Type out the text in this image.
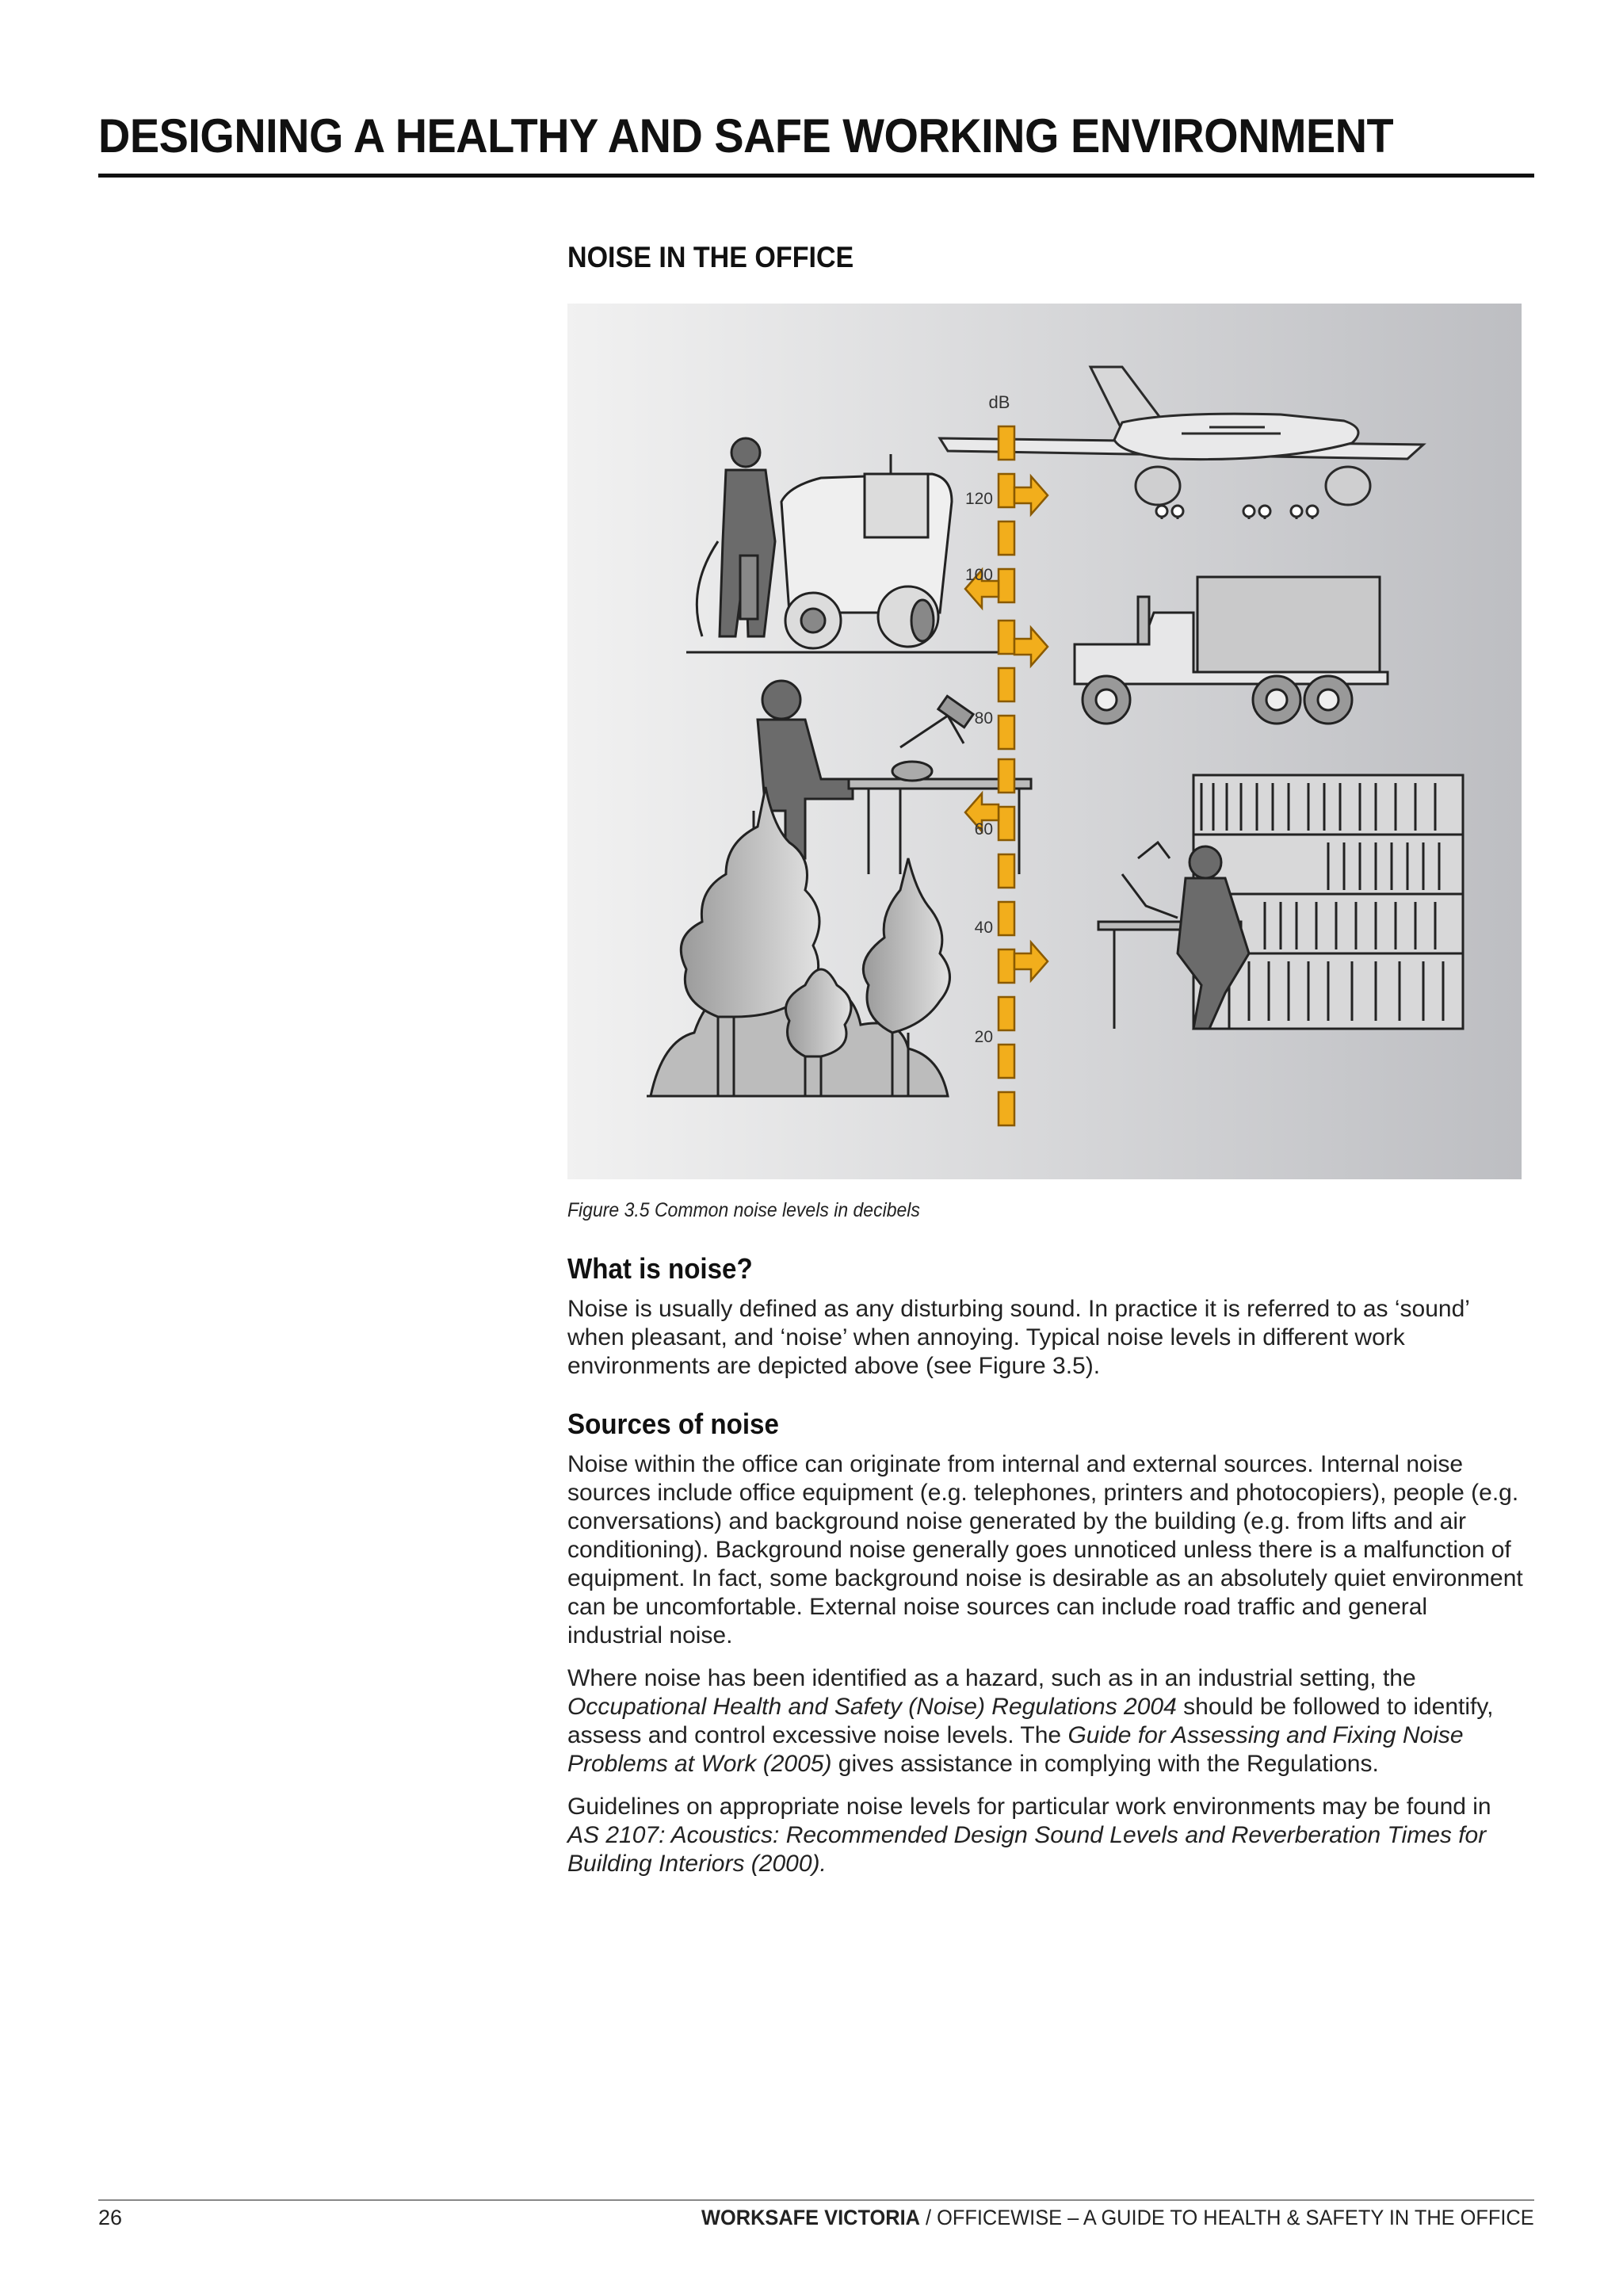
DESIGNING A HEALTHY AND SAFE WORKING ENVIRONMENT
NOISE IN THE OFFICE
dB
120
100
80
60
40
20
Figure 3.5 Common noise levels in decibels
What is noise?

Noise is usually defined as any disturbing sound. In practice it is referred to as ‘sound’ when pleasant, and ‘noise’ when annoying. Typical noise levels in different work environments are depicted above (see Figure 3.5).

Sources of noise

Noise within the office can originate from internal and external sources. Internal noise sources include office equipment (e.g. telephones, printers and photocopiers), people (e.g. conversations) and background noise generated by the building (e.g. from lifts and air conditioning). Background noise generally goes unnoticed unless there is a malfunction of equipment. In fact, some background noise is desirable as an absolutely quiet environment can be uncomfortable. External noise sources can include road traffic and general industrial noise.

Where noise has been identified as a hazard, such as in an industrial setting, the Occupational Health and Safety (Noise) Regulations 2004 should be followed to identify, assess and control excessive noise levels. The Guide for Assessing and Fixing Noise Problems at Work (2005) gives assistance in complying with the Regulations.

Guidelines on appropriate noise levels for particular work environments may be found in AS 2107: Acoustics: Recommended Design Sound Levels and Reverberation Times for Building Interiors (2000).

26	WORKSAFE VICTORIA / OFFICEWISE – A GUIDE TO HEALTH & SAFETY IN THE OFFICE
